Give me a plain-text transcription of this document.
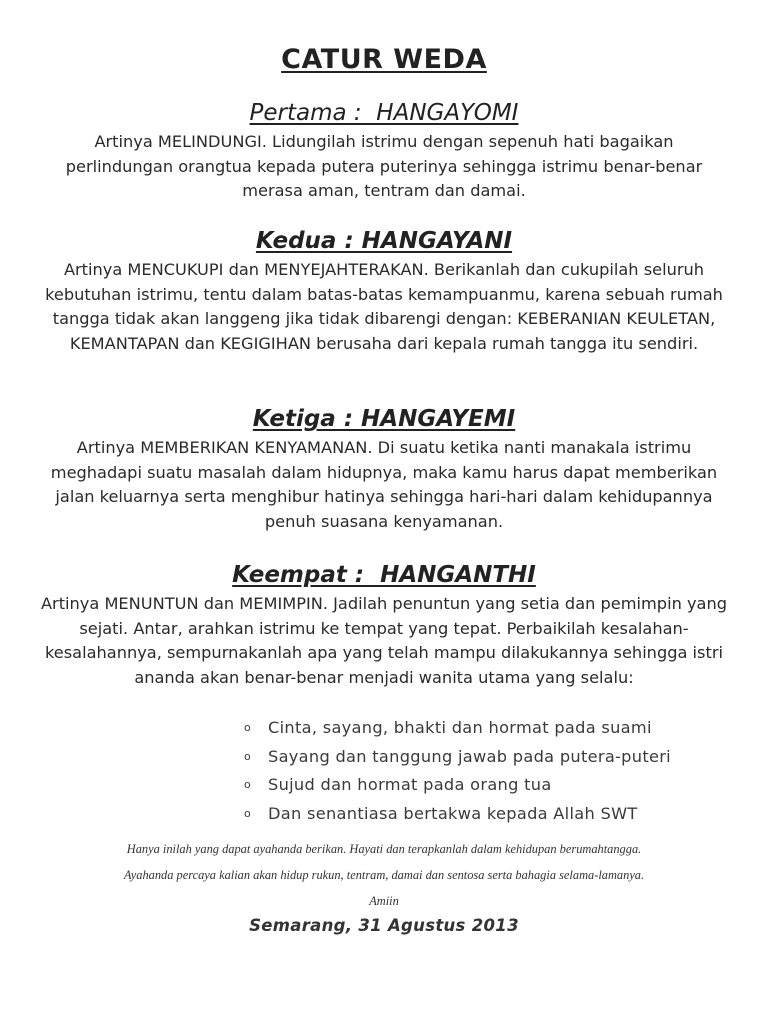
CATUR WEDA

Pertama :  HANGAYOMI

Artinya MELINDUNGI. Lidungilah istrimu dengan sepenuh hati bagaikan perlindungan orangtua kepada putera puterinya sehingga istrimu benar-benar merasa aman, tentram dan damai.

Kedua : HANGAYANI

Artinya MENCUKUPI dan MENYEJAHTERAKAN. Berikanlah dan cukupilah seluruh kebutuhan istrimu, tentu dalam batas-batas kemampuanmu, karena sebuah rumah tangga tidak akan langgeng jika tidak dibarengi dengan: KEBERANIAN KEULETAN, KEMANTAPAN dan KEGIGIHAN berusaha dari kepala rumah tangga itu sendiri.

Ketiga : HANGAYEMI

Artinya MEMBERIKAN KENYAMANAN. Di suatu ketika nanti manakala istrimu meghadapi suatu masalah dalam hidupnya, maka kamu harus dapat memberikan jalan keluarnya serta menghibur hatinya sehingga hari-hari dalam kehidupannya penuh suasana kenyamanan.

Keempat :  HANGANTHI

Artinya MENUNTUN dan MEMIMPIN. Jadilah penuntun yang setia dan pemimpin yang sejati. Antar, arahkan istrimu ke tempat yang tepat. Perbaikilah kesalahan-kesalahannya, sempurnakanlah apa yang telah mampu dilakukannya sehingga istri ananda akan benar-benar menjadi wanita utama yang selalu:

o Cinta, sayang, bhakti dan hormat pada suami
o Sayang dan tanggung jawab pada putera-puteri
o Sujud dan hormat pada orang tua
o Dan senantiasa bertakwa kepada Allah SWT

Hanya inilah yang dapat ayahanda berikan. Hayati dan terapkanlah dalam kehidupan berumahtangga.

Ayahanda percaya kalian akan hidup rukun, tentram, damai dan sentosa serta bahagia selama-lamanya.

Amiin

Semarang, 31 Agustus 2013
